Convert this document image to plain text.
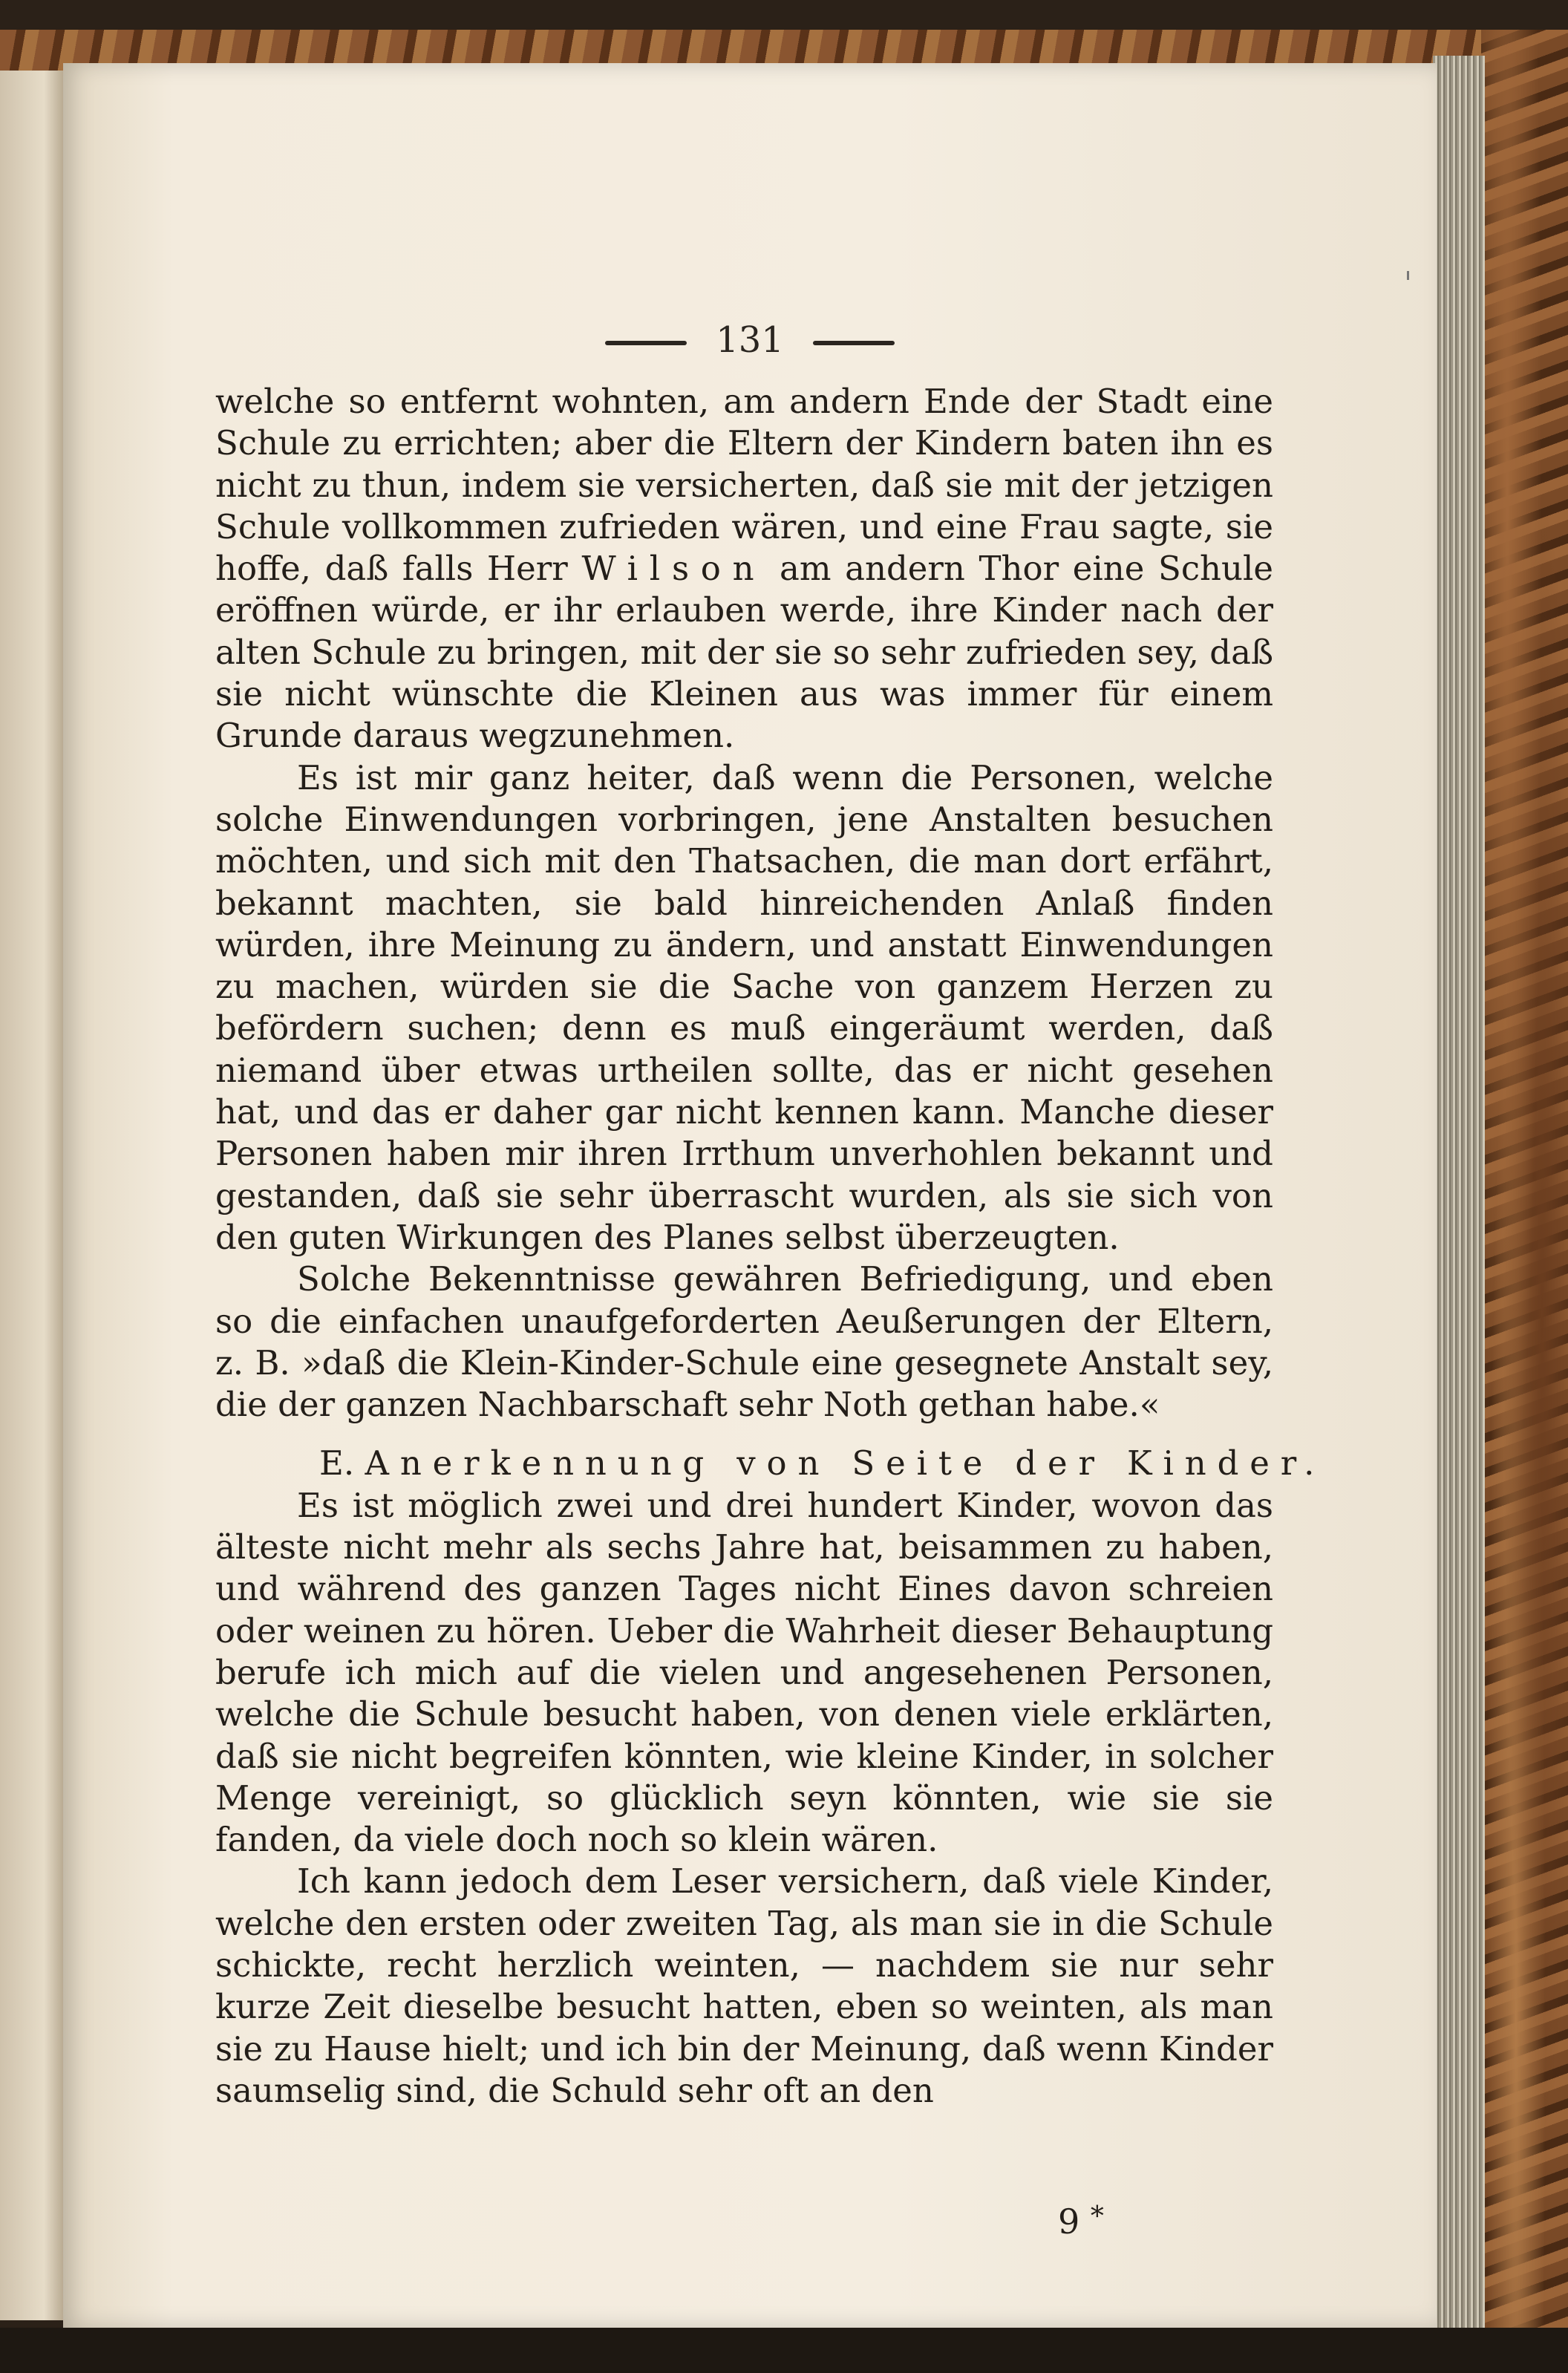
131

welche so entfernt wohnten, am andern Ende der Stadt eine Schule zu errichten; aber die Eltern der Kindern baten ihn es nicht zu thun, indem sie versicherten, daß sie mit der jetzigen Schule vollkommen zufrieden wären, und eine Frau sagte, sie hoffe, daß falls Herr Wilson am andern Thor eine Schule eröffnen würde, er ihr erlauben werde, ihre Kinder nach der alten Schule zu bringen, mit der sie so sehr zufrieden sey, daß sie nicht wünschte die Kleinen aus was immer für einem Grunde daraus wegzunehmen.

Es ist mir ganz heiter, daß wenn die Personen, welche solche Einwendungen vorbringen, jene Anstalten besuchen möchten, und sich mit den Thatsachen, die man dort erfährt, bekannt machten, sie bald hinreichenden Anlaß finden würden, ihre Meinung zu ändern, und anstatt Einwendungen zu machen, würden sie die Sache von ganzem Herzen zu befördern suchen; denn es muß eingeräumt werden, daß niemand über etwas urtheilen sollte, das er nicht gesehen hat, und das er daher gar nicht kennen kann. Manche dieser Personen haben mir ihren Irrthum unverhohlen bekannt und gestanden, daß sie sehr überrascht wurden, als sie sich von den guten Wirkungen des Planes selbst überzeugten.

Solche Bekenntnisse gewähren Befriedigung, und eben so die einfachen unaufgeforderten Aeußerungen der Eltern, z. B. »daß die Klein-Kinder-Schule eine gesegnete Anstalt sey, die der ganzen Nachbarschaft sehr Noth gethan habe.«

E. Anerkennung von Seite der Kinder.

Es ist möglich zwei und drei hundert Kinder, wovon das älteste nicht mehr als sechs Jahre hat, beisammen zu haben, und während des ganzen Tages nicht Eines davon schreien oder weinen zu hören. Ueber die Wahrheit dieser Behauptung berufe ich mich auf die vielen und angesehenen Personen, welche die Schule besucht haben, von denen viele erklärten, daß sie nicht begreifen könnten, wie kleine Kinder, in solcher Menge vereinigt, so glücklich seyn könnten, wie sie sie fanden, da viele doch noch so klein wären.

Ich kann jedoch dem Leser versichern, daß viele Kinder, welche den ersten oder zweiten Tag, als man sie in die Schule schickte, recht herzlich weinten, — nachdem sie nur sehr kurze Zeit dieselbe besucht hatten, eben so weinten, als man sie zu Hause hielt; und ich bin der Meinung, daß wenn Kinder saumselig sind, die Schuld sehr oft an den

9 *
